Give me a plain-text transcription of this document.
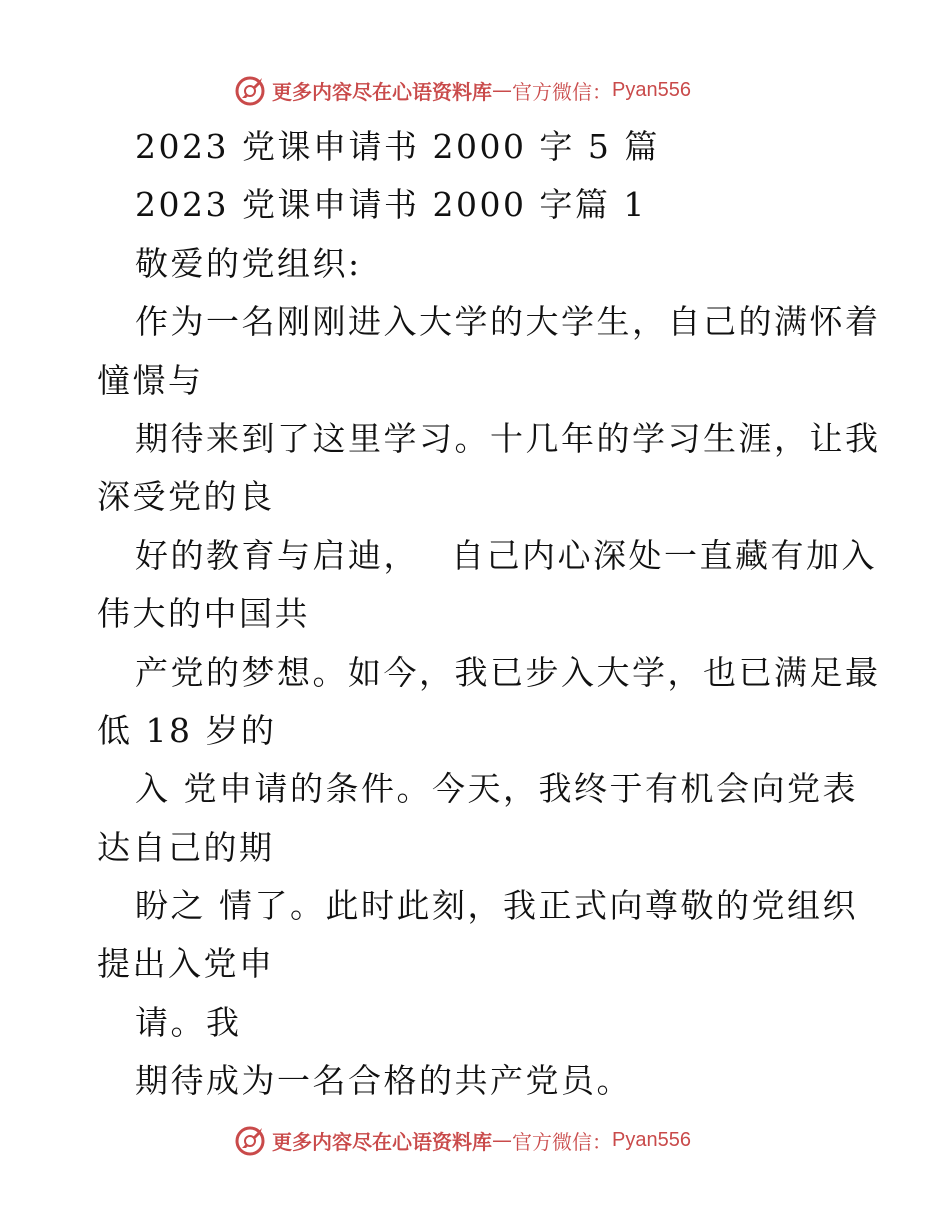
更多内容尽在心语资料库 — 官方微信： Pyan556
2023 党课申请书 2000 字 5 篇
2023 党课申请书 2000 字篇 1
敬爱的党组织:
作为一名刚刚进入大学的大学生，自己的满怀着
憧憬与
期待来到了这里学习。十几年的学习生涯，让我
深受党的良
好的教育与启迪，　 自己内心深处一直藏有加入
伟大的中国共
产党的梦想。如今，我已步入大学，也已满足最
低 18 岁的
入 党申请的条件。今天，我终于有机会向党表
达自己的期
盼之 情了。此时此刻，我正式向尊敬的党组织
提出入党申
请。我
期待成为一名合格的共产党员。
更多内容尽在心语资料库 — 官方微信： Pyan556
